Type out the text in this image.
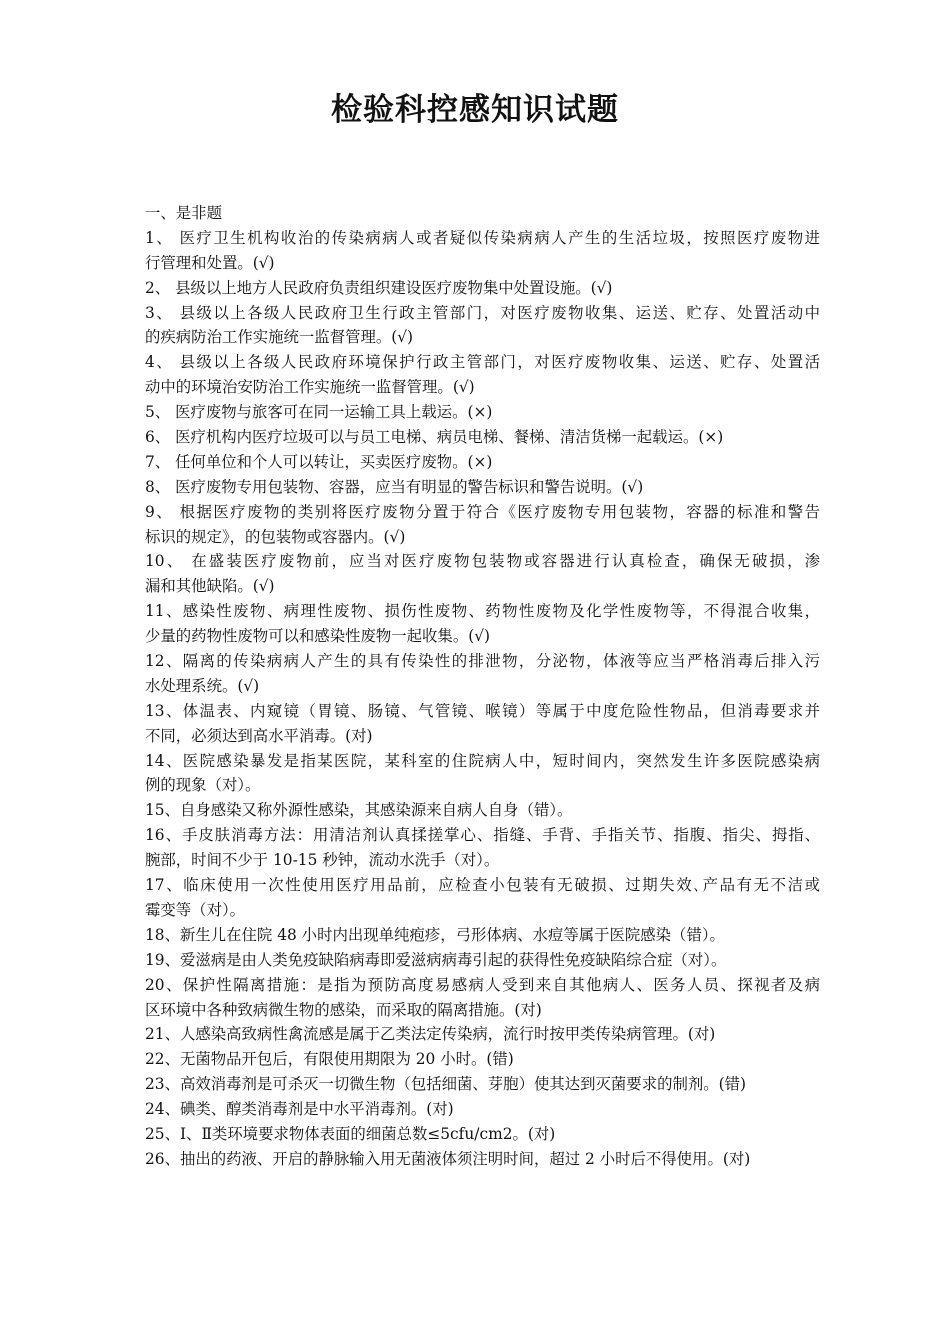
检验科控感知识试题
一、是非题
1、 医疗卫生机构收治的传染病病人或者疑似传染病病人产生的生活垃圾，按照医疗废物进
行管理和处置。(√)
2、 县级以上地方人民政府负责组织建设医疗废物集中处置设施。(√)
3、 县级以上各级人民政府卫生行政主管部门，对医疗废物收集、运送、贮存、处置活动中
的疾病防治工作实施统一监督管理。(√)
4、 县级以上各级人民政府环境保护行政主管部门，对医疗废物收集、运送、贮存、处置活
动中的环境治安防治工作实施统一监督管理。(√)
5、 医疗废物与旅客可在同一运输工具上载运。(×)
6、 医疗机构内医疗垃圾可以与员工电梯、病员电梯、餐梯、清洁货梯一起载运。(×)
7、 任何单位和个人可以转让，买卖医疗废物。(×)
8、 医疗废物专用包装物、容器，应当有明显的警告标识和警告说明。(√)
9、 根据医疗废物的类别将医疗废物分置于符合《医疗废物专用包装物，容器的标准和警告
标识的规定》，的包装物或容器内。(√)
10、 在盛装医疗废物前，应当对医疗废物包装物或容器进行认真检查，确保无破损，渗
漏和其他缺陷。(√)
11、感染性废物、病理性废物、损伤性废物、药物性废物及化学性废物等，不得混合收集，
少量的药物性废物可以和感染性废物一起收集。(√)
12、隔离的传染病病人产生的具有传染性的排泄物，分泌物，体液等应当严格消毒后排入污
水处理系统。(√)
13、体温表、内窥镜（胃镜、肠镜、气管镜、喉镜）等属于中度危险性物品，但消毒要求并
不同，必须达到高水平消毒。(对)
14、医院感染暴发是指某医院，某科室的住院病人中，短时间内，突然发生许多医院感染病
例的现象（对）。
15、自身感染又称外源性感染，其感染源来自病人自身（错）。
16、手皮肤消毒方法：用清洁剂认真揉搓掌心、指缝、手背、手指关节、指腹、指尖、拇指、
腕部，时间不少于 10-15 秒钟，流动水洗手（对）。
17、临床使用一次性使用医疗用品前，应检查小包装有无破损、过期失效､产品有无不洁或
霉变等（对）。
18、新生儿在住院 48 小时内出现单纯疱疹，弓形体病、水痘等属于医院感染（错）。
19、爱滋病是由人类免疫缺陷病毒即爱滋病病毒引起的获得性免疫缺陷综合症（对）。
20、保护性隔离措施：是指为预防高度易感病人受到来自其他病人、医务人员、探视者及病
区环境中各种致病微生物的感染，而采取的隔离措施。(对)
21、人感染高致病性禽流感是属于乙类法定传染病，流行时按甲类传染病管理。(对)
22、无菌物品开包后，有限使用期限为 20 小时。(错)
23、高效消毒剂是可杀灭一切微生物（包括细菌、芽胞）使其达到灭菌要求的制剂。(错)
24、碘类、醇类消毒剂是中水平消毒剂。(对)
25、Ⅰ、Ⅱ类环境要求物体表面的细菌总数≤5cfu/cm2。(对)
26、抽出的药液、开启的静脉输入用无菌液体须注明时间，超过 2 小时后不得使用。(对)
